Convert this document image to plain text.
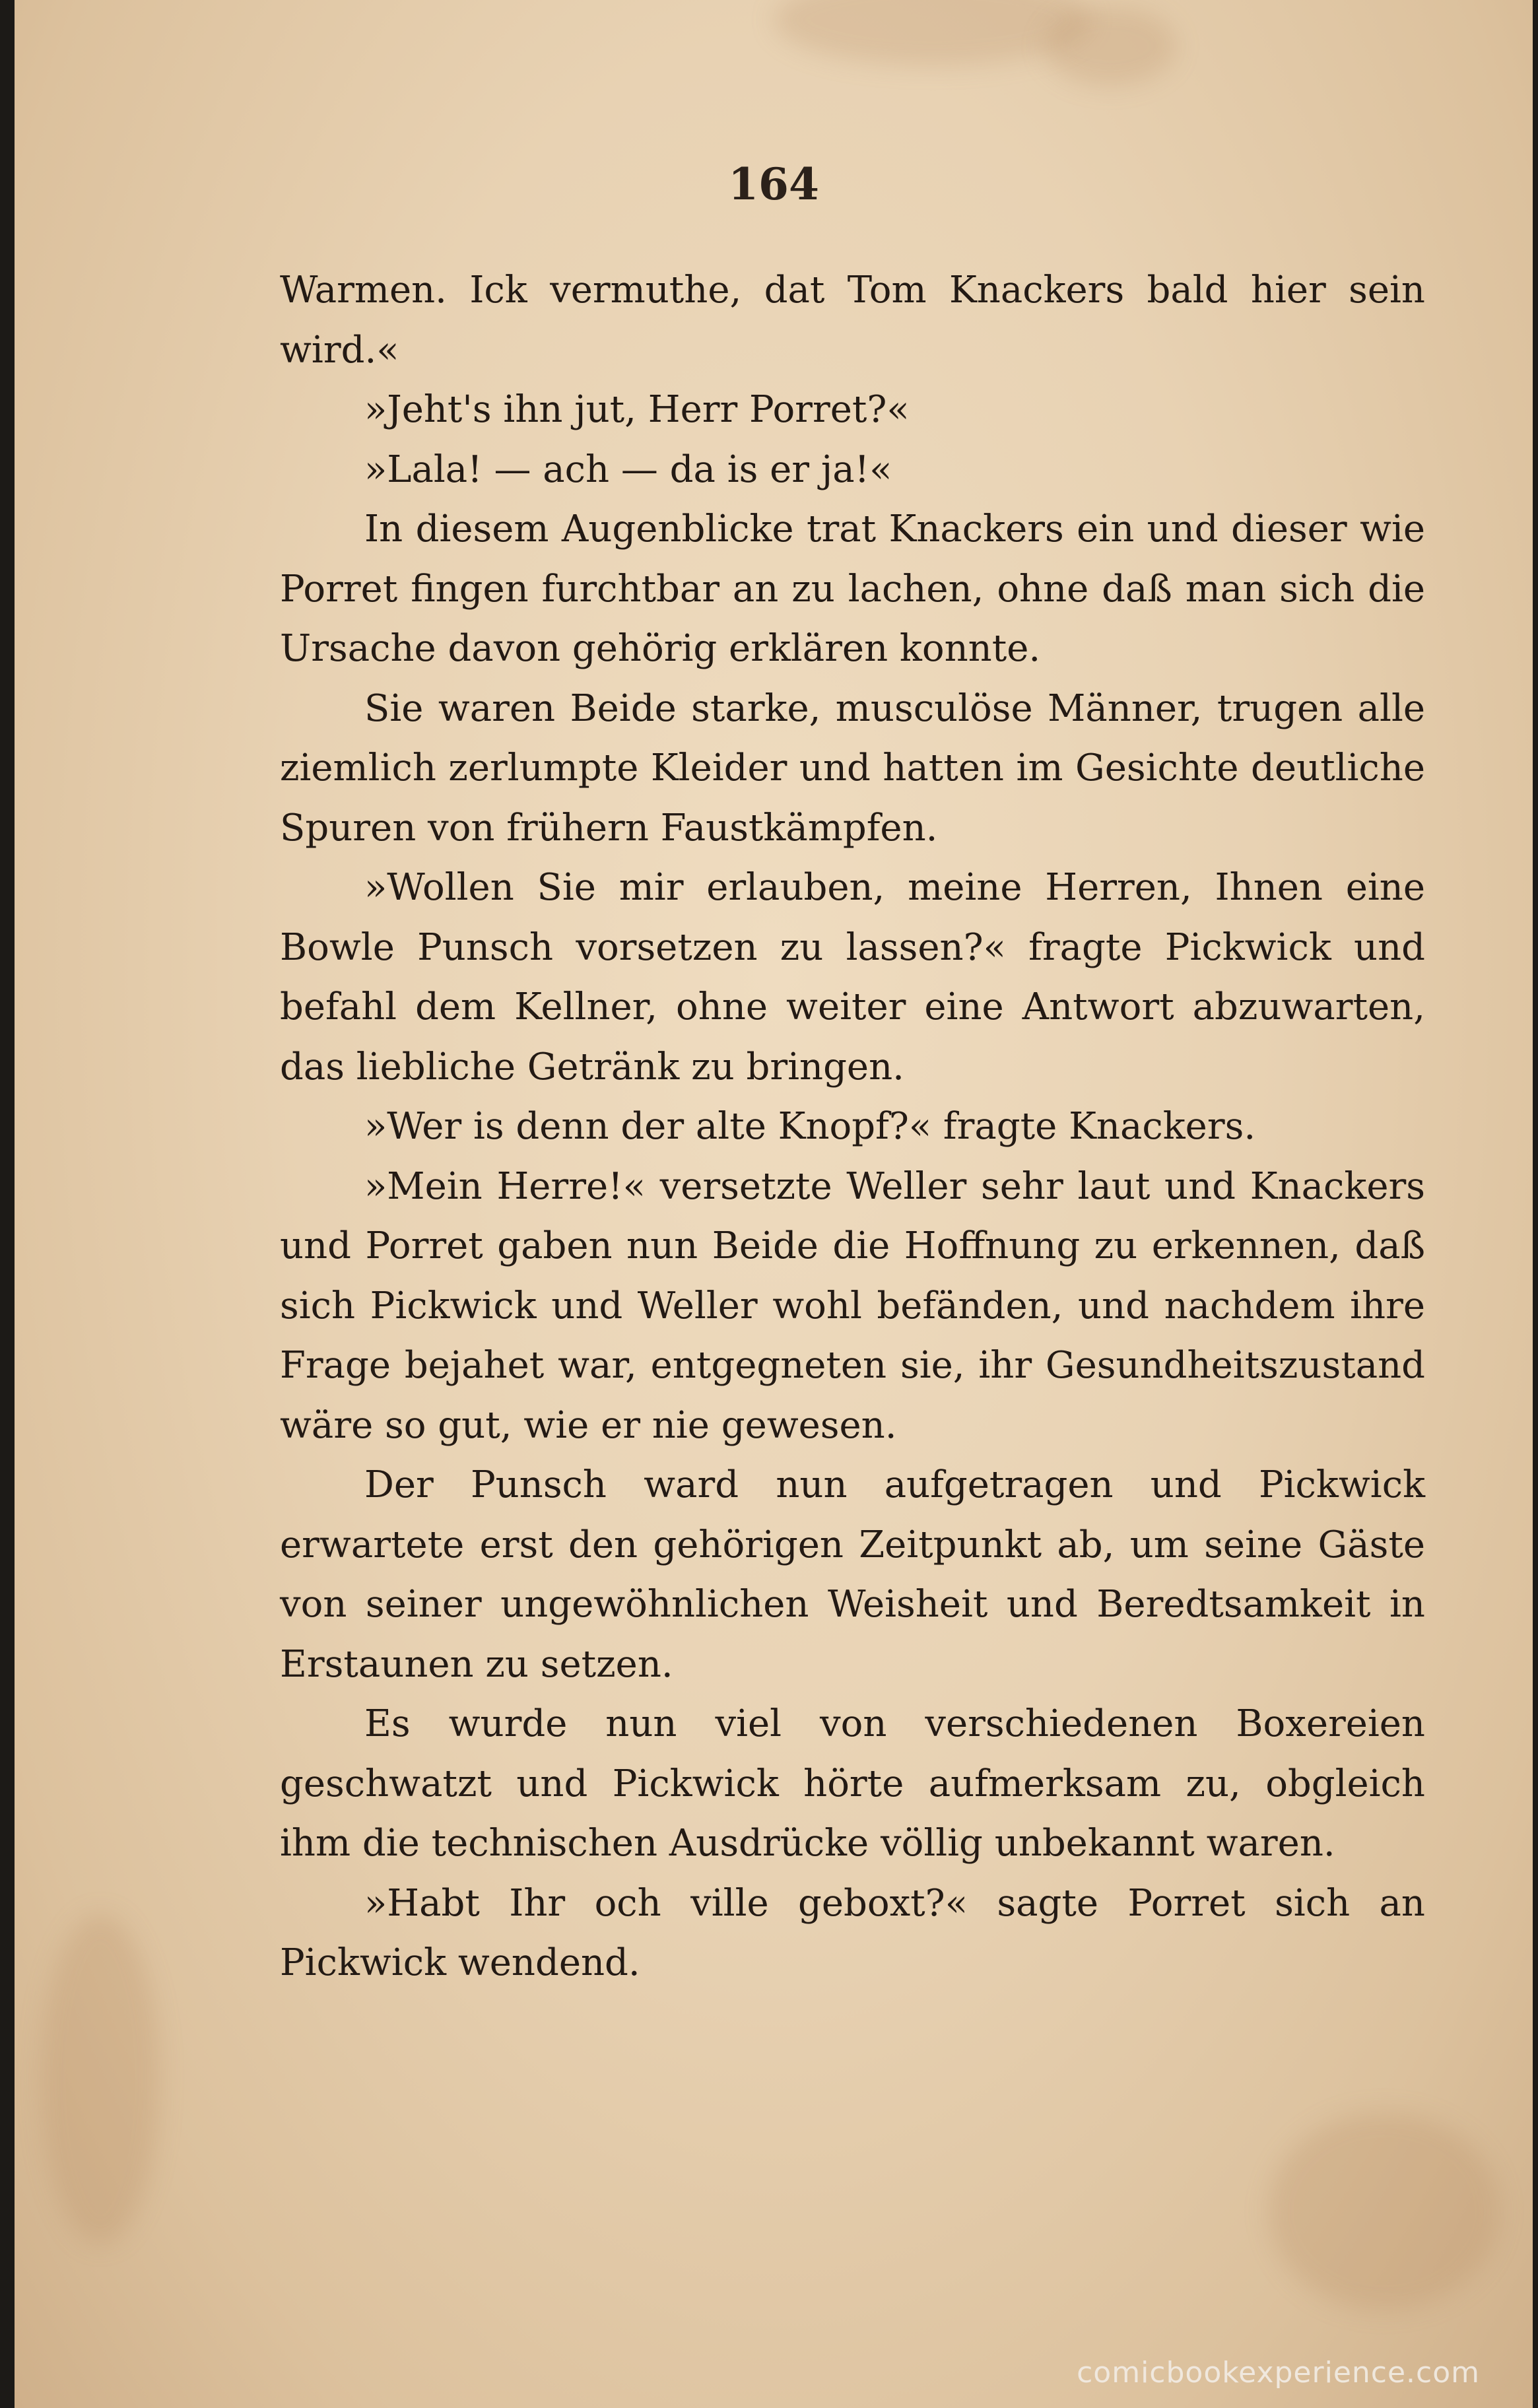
164

Warmen. Ick vermuthe, dat Tom Knackers bald hier sein wird.«

»Jeht's ihn jut, Herr Porret?«

»Lala! — ach — da is er ja!«

In diesem Augenblicke trat Knackers ein und dieser wie Porret fingen furchtbar an zu lachen, ohne daß man sich die Ursache davon gehörig erklären konnte.

Sie waren Beide starke, musculöse Männer, trugen alle ziemlich zerlumpte Kleider und hatten im Gesichte deutliche Spuren von frühern Faustkämpfen.

»Wollen Sie mir erlauben, meine Herren, Ihnen eine Bowle Punsch vorsetzen zu lassen?« fragte Pickwick und befahl dem Kellner, ohne weiter eine Antwort abzuwarten, das liebliche Getränk zu bringen.

»Wer is denn der alte Knopf?« fragte Knackers.

»Mein Herre!« versetzte Weller sehr laut und Knackers und Porret gaben nun Beide die Hoffnung zu erkennen, daß sich Pickwick und Weller wohl befänden, und nachdem ihre Frage bejahet war, entgegneten sie, ihr Gesundheitszustand wäre so gut, wie er nie gewesen.

Der Punsch ward nun aufgetragen und Pickwick erwartete erst den gehörigen Zeitpunkt ab, um seine Gäste von seiner ungewöhnlichen Weisheit und Beredtsamkeit in Erstaunen zu setzen.

Es wurde nun viel von verschiedenen Boxereien geschwatzt und Pickwick hörte aufmerksam zu, obgleich ihm die technischen Ausdrücke völlig unbekannt waren.

»Habt Ihr och ville geboxt?« sagte Porret sich an Pickwick wendend.

comicbookexperience.com
